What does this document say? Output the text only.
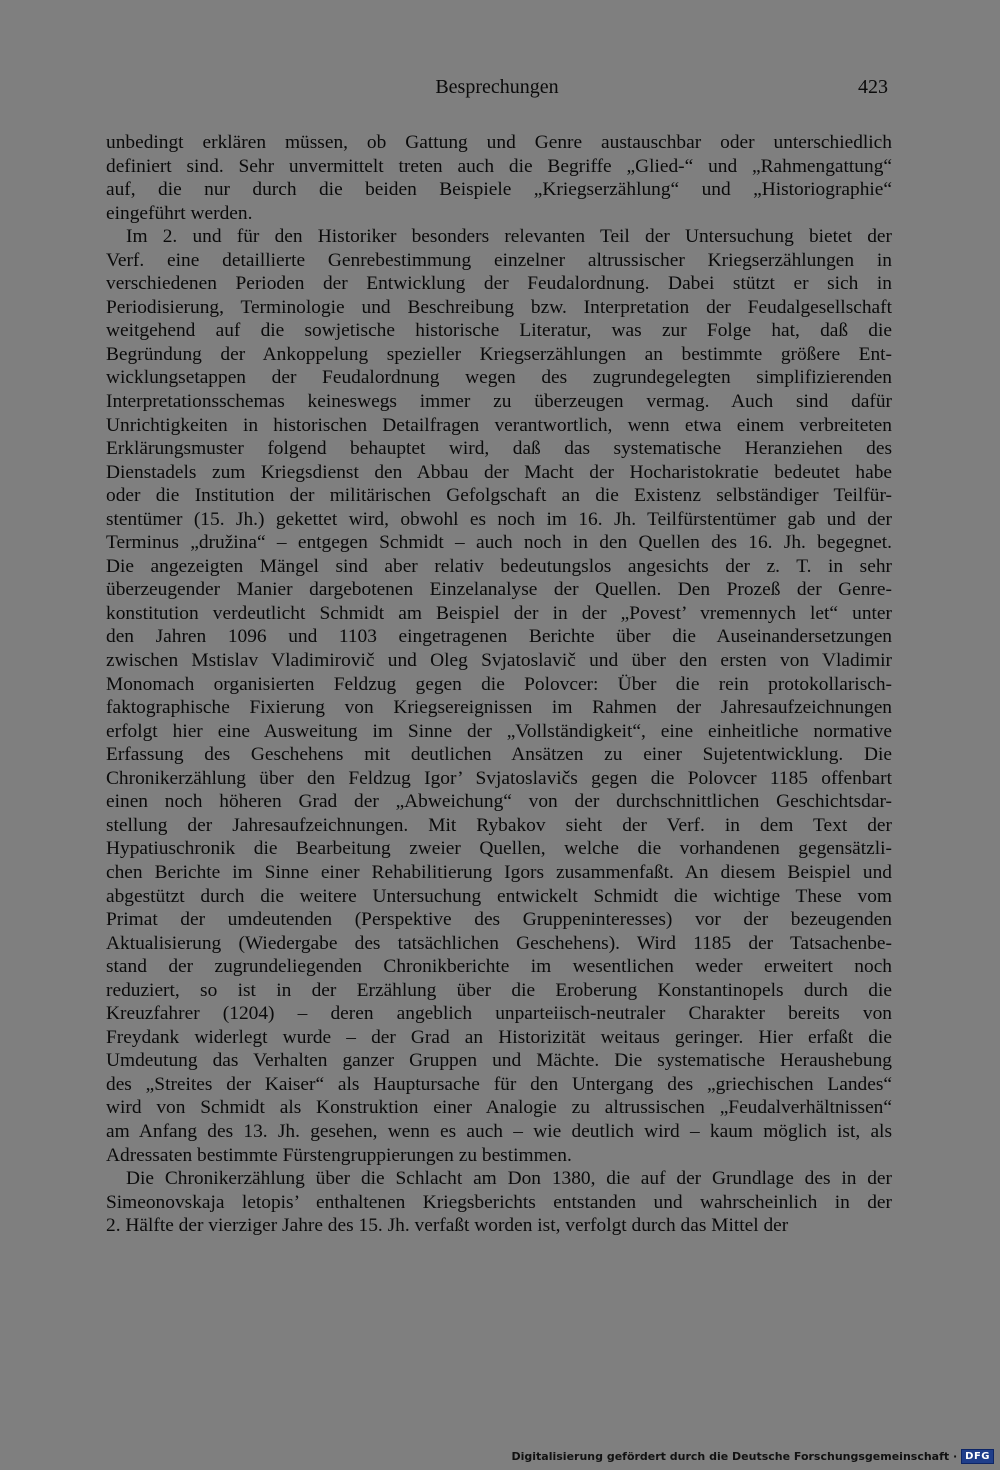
Besprechungen	423

unbedingt erklären müssen, ob Gattung und Genre austauschbar oder unterschiedlich

definiert sind. Sehr unvermittelt treten auch die Begriffe „Glied-“ und „Rahmengattung“

auf, die nur durch die beiden Beispiele „Kriegserzählung“ und „Historiographie“

eingeführt werden.

Im 2. und für den Historiker besonders relevanten Teil der Untersuchung bietet der

Verf. eine detaillierte Genrebestimmung einzelner altrussischer Kriegserzählungen in

verschiedenen Perioden der Entwicklung der Feudalordnung. Dabei stützt er sich in

Periodisierung, Terminologie und Beschreibung bzw. Interpretation der Feudalgesellschaft

weitgehend auf die sowjetische historische Literatur, was zur Folge hat, daß die

Begründung der Ankoppelung spezieller Kriegserzählungen an bestimmte größere Ent-

wicklungsetappen der Feudalordnung wegen des zugrundegelegten simplifizierenden

Interpretationsschemas keineswegs immer zu überzeugen vermag. Auch sind dafür

Unrichtigkeiten in historischen Detailfragen verantwortlich, wenn etwa einem verbreiteten

Erklärungsmuster folgend behauptet wird, daß das systematische Heranziehen des

Dienstadels zum Kriegsdienst den Abbau der Macht der Hocharistokratie bedeutet habe

oder die Institution der militärischen Gefolgschaft an die Existenz selbständiger Teilfür-

stentümer (15. Jh.) gekettet wird, obwohl es noch im 16. Jh. Teilfürstentümer gab und der

Terminus „družina“ – entgegen Schmidt – auch noch in den Quellen des 16. Jh. begegnet.

Die angezeigten Mängel sind aber relativ bedeutungslos angesichts der z. T. in sehr

überzeugender Manier dargebotenen Einzelanalyse der Quellen. Den Prozeß der Genre-

konstitution verdeutlicht Schmidt am Beispiel der in der „Povest’ vremennych let“ unter

den Jahren 1096 und 1103 eingetragenen Berichte über die Auseinandersetzungen

zwischen Mstislav Vladimirovič und Oleg Svjatoslavič und über den ersten von Vladimir

Monomach organisierten Feldzug gegen die Polovcer: Über die rein protokollarisch-

faktographische Fixierung von Kriegsereignissen im Rahmen der Jahresaufzeichnungen

erfolgt hier eine Ausweitung im Sinne der „Vollständigkeit“, eine einheitliche normative

Erfassung des Geschehens mit deutlichen Ansätzen zu einer Sujetentwicklung. Die

Chronikerzählung über den Feldzug Igor’ Svjatoslavičs gegen die Polovcer 1185 offenbart

einen noch höheren Grad der „Abweichung“ von der durchschnittlichen Geschichtsdar-

stellung der Jahresaufzeichnungen. Mit Rybakov sieht der Verf. in dem Text der

Hypatiuschronik die Bearbeitung zweier Quellen, welche die vorhandenen gegensätzli-

chen Berichte im Sinne einer Rehabilitierung Igors zusammenfaßt. An diesem Beispiel und

abgestützt durch die weitere Untersuchung entwickelt Schmidt die wichtige These vom

Primat der umdeutenden (Perspektive des Gruppeninteresses) vor der bezeugenden

Aktualisierung (Wiedergabe des tatsächlichen Geschehens). Wird 1185 der Tatsachenbe-

stand der zugrundeliegenden Chronikberichte im wesentlichen weder erweitert noch

reduziert, so ist in der Erzählung über die Eroberung Konstantinopels durch die

Kreuzfahrer (1204) – deren angeblich unparteiisch-neutraler Charakter bereits von

Freydank widerlegt wurde – der Grad an Historizität weitaus geringer. Hier erfaßt die

Umdeutung das Verhalten ganzer Gruppen und Mächte. Die systematische Heraushebung

des „Streites der Kaiser“ als Hauptursache für den Untergang des „griechischen Landes“

wird von Schmidt als Konstruktion einer Analogie zu altrussischen „Feudalverhältnissen“

am Anfang des 13. Jh. gesehen, wenn es auch – wie deutlich wird – kaum möglich ist, als

Adressaten bestimmte Fürstengruppierungen zu bestimmen.

Die Chronikerzählung über die Schlacht am Don 1380, die auf der Grundlage des in der

Simeonovskaja letopis’ enthaltenen Kriegsberichts entstanden und wahrscheinlich in der

2. Hälfte der vierziger Jahre des 15. Jh. verfaßt worden ist, verfolgt durch das Mittel der

Digitalisierung gefördert durch die Deutsche Forschungsgemeinschaft · DFG
